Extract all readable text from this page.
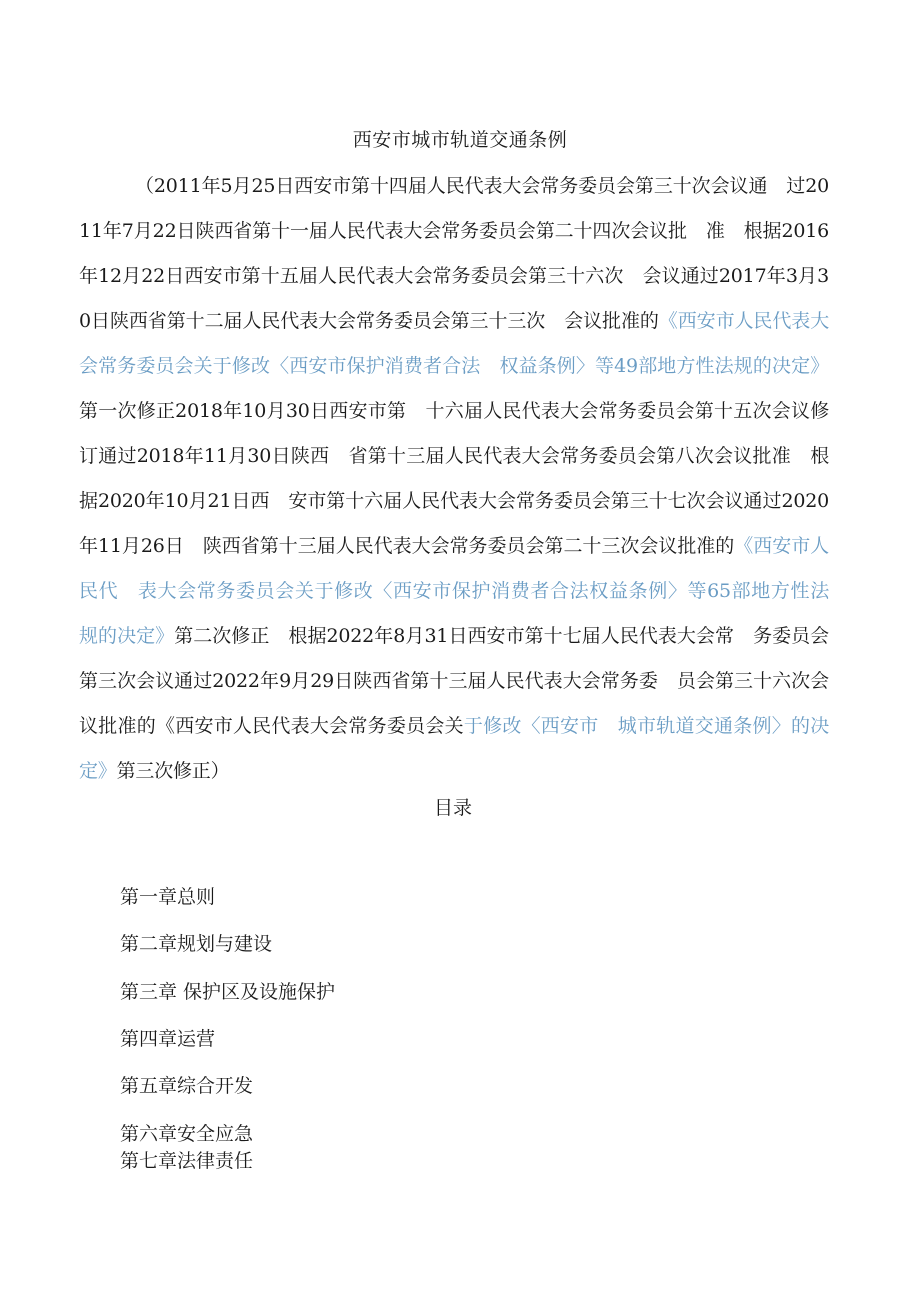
西安市城市轨道交通条例

（2011年5月25日西安市第十四届人民代表大会常务委员会第三十次会议通　过2011年7月22日陕西省第十一届人民代表大会常务委员会第二十四次会议批　准　根据2016年12月22日西安市第十五届人民代表大会常务委员会第三十六次　会议通过2017年3月30日陕西省第十二届人民代表大会常务委员会第三十三次　会议批准的《西安市人民代表大会常务委员会关于修改〈西安市保护消费者合法　权益条例〉等49部地方性法规的决定》第一次修正2018年10月30日西安市第　十六届人民代表大会常务委员会第十五次会议修订通过2018年11月30日陕西　省第十三届人民代表大会常务委员会第八次会议批准　根据2020年10月21日西　安市第十六届人民代表大会常务委员会第三十七次会议通过2020年11月26日　陕西省第十三届人民代表大会常务委员会第二十三次会议批准的《西安市人民代　表大会常务委员会关于修改〈西安市保护消费者合法权益条例〉等65部地方性法　规的决定》第二次修正　根据2022年8月31日西安市第十七届人民代表大会常　务委员会第三次会议通过2022年9月29日陕西省第十三届人民代表大会常务委　员会第三十六次会议批准的《西安市人民代表大会常务委员会关于修改〈西安市　城市轨道交通条例〉的决定》第三次修正）

目录
第一章总则
第二章规划与建设
第三章 保护区及设施保护
第四章运营
第五章综合开发
第六章安全应急
第七章法律责任
